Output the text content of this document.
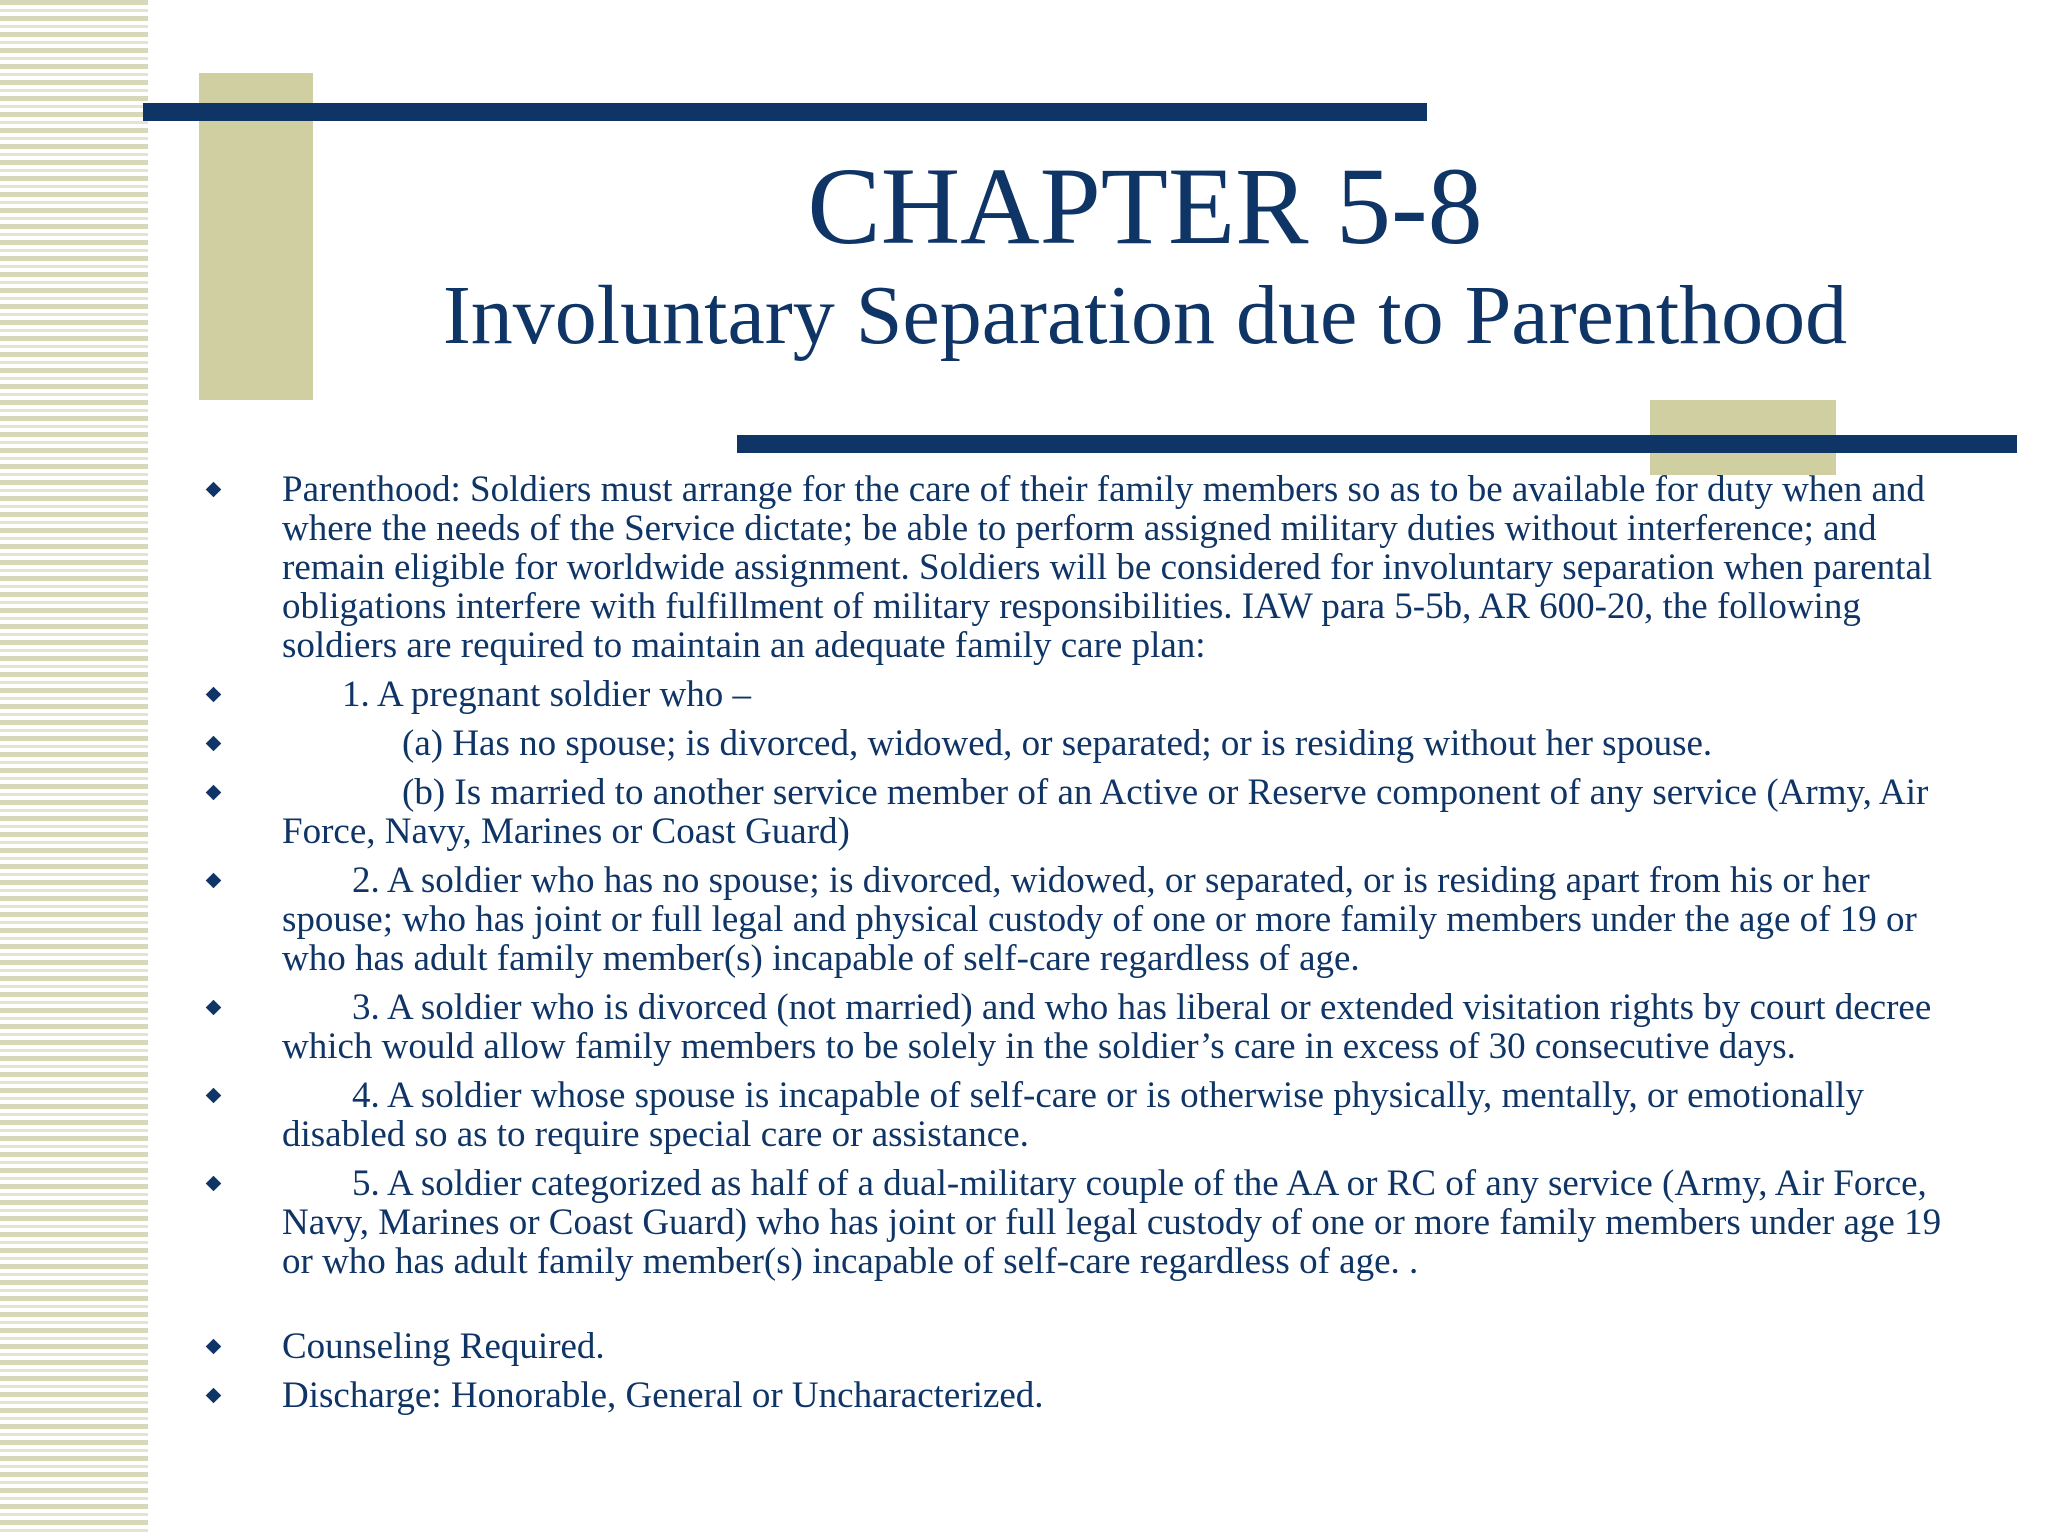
CHAPTER 5-8
Involuntary Separation due to Parenthood
Parenthood: Soldiers must arrange for the care of their family members so as to be available for duty when and where the needs of the Service dictate; be able to perform assigned military duties without interference; and remain eligible for worldwide assignment. Soldiers will be considered for involuntary separation when parental obligations interfere with fulfillment of military responsibilities. IAW para 5-5b, AR 600-20, the following soldiers are required to maintain an adequate family care plan:
1. A pregnant soldier who –
(a) Has no spouse; is divorced, widowed, or separated; or is residing without her spouse.
(b) Is married to another service member of an Active or Reserve component of any service (Army, Air Force, Navy, Marines or Coast Guard)
2. A soldier who has no spouse; is divorced, widowed, or separated, or is residing apart from his or her spouse; who has joint or full legal and physical custody of one or more family members under the age of 19 or who has adult family member(s) incapable of self-care regardless of age.
3. A soldier who is divorced (not married) and who has liberal or extended visitation rights by court decree which would allow family members to be solely in the soldier’s care in excess of 30 consecutive days.
4. A soldier whose spouse is incapable of self-care or is otherwise physically, mentally, or emotionally disabled so as to require special care or assistance.
5. A soldier categorized as half of a dual-military couple of the AA or RC of any service (Army, Air Force, Navy, Marines or Coast Guard) who has joint or full legal custody of one or more family members under age 19 or who has adult family member(s) incapable of self-care regardless of age. .
Counseling Required.
Discharge: Honorable, General or Uncharacterized.
